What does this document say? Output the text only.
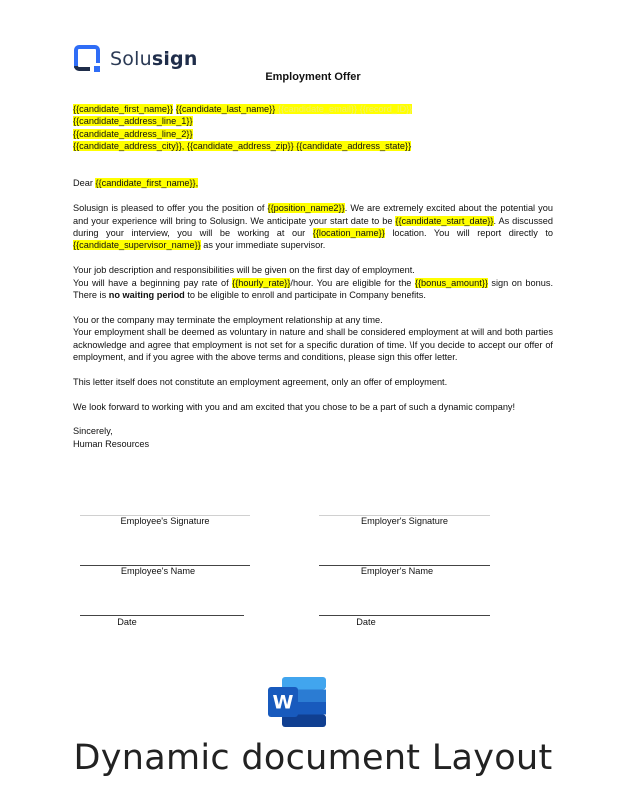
Solusign
Employment Offer

{{candidate_first_name}} {{candidate_last_name}} {{candidate_email}} {{record_ID}}

{{candidate_address_line_1}}

{{candidate_address_line_2}}

{{candidate_address_city}}, {{candidate_address_zip}} {{candidate_address_state}}

Dear {{candidate_first_name}},

Solusign is pleased to offer you the position of {{position_name2}}. We are extremely excited about the potential you and your experience will bring to Solusign. We anticipate your start date to be {{candidate_start_date}}. As discussed during your interview, you will be working at our {{location_name}} location. You will report directly to {{candidate_supervisor_name}} as your immediate supervisor.

Your job description and responsibilities will be given on the first day of employment.

You will have a beginning pay rate of {{hourly_rate}}/hour. You are eligible for the {{bonus_amount}} sign on bonus. There is no waiting period to be eligible to enroll and participate in Company benefits.

You or the company may terminate the employment relationship at any time.

Your employment shall be deemed as voluntary in nature and shall be considered employment at will and both parties acknowledge and agree that employment is not set for a specific duration of time. \If you decide to accept our offer of employment, and if you agree with the above terms and conditions, please sign this offer letter.

This letter itself does not constitute an employment agreement, only an offer of employment.

We look forward to working with you and am excited that you chose to be a part of such a dynamic company!

Sincerely,

Human Resources

Employee's Signature	Employer's Signature
Employee's Name	Employer's Name
Date	Date
W
Dynamic document Layout
